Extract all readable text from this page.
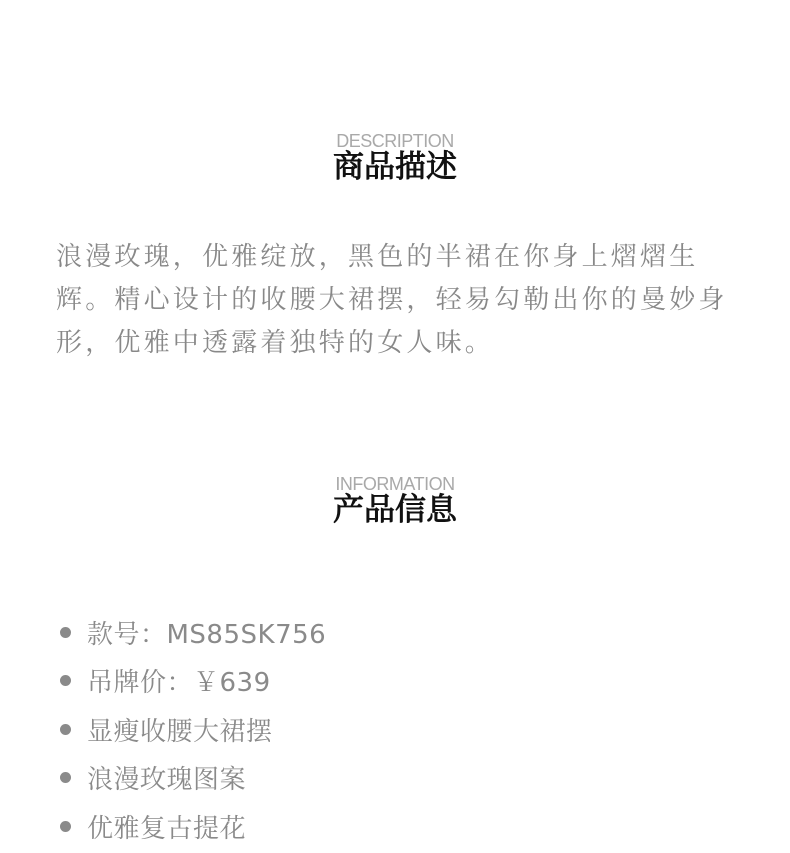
DESCRIPTION
商品描述

浪漫玫瑰，优雅绽放，黑色的半裙在你身上熠熠生辉。精心设计的收腰大裙摆，轻易勾勒出你的曼妙身形，优雅中透露着独特的女人味。

INFORMATION
产品信息
款号：MS85SK756
吊牌价：￥639
显瘦收腰大裙摆
浪漫玫瑰图案
优雅复古提花
